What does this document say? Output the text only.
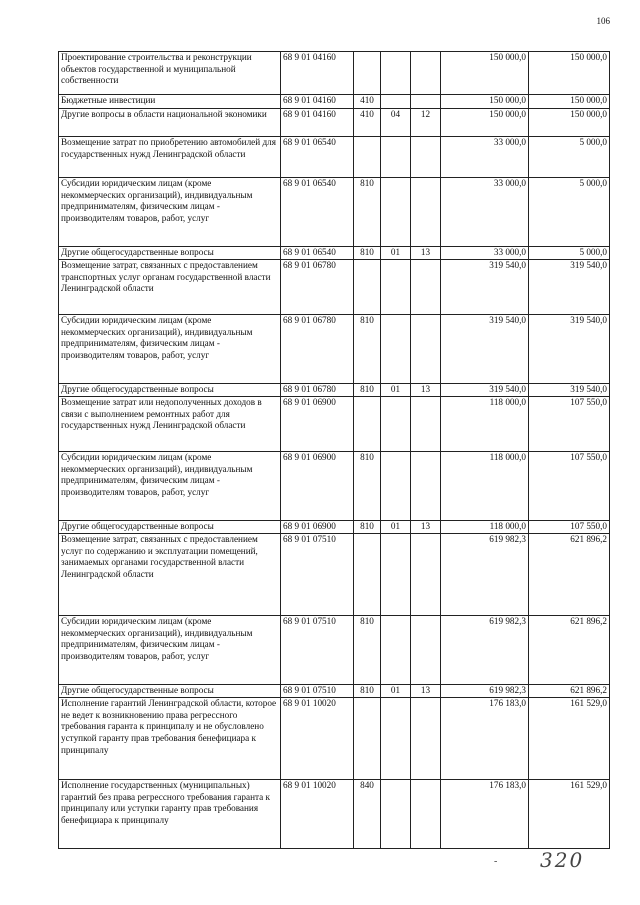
106
Проектирование строительства и реконструкции объектов государственной и муниципальной собственности	68 9 01 04160				150 000,0	150 000,0
Бюджетные инвестиции	68 9 01 04160	410			150 000,0	150 000,0
Другие вопросы в области национальной экономики	68 9 01 04160	410	04	12	150 000,0	150 000,0
Возмещение затрат по приобретению автомобилей для государственных нужд Ленинградской области	68 9 01 06540				33 000,0	5 000,0
Субсидии юридическим лицам (кроме некоммерческих организаций), индивидуальным предпринимателям, физическим лицам - производителям товаров, работ, услуг	68 9 01 06540	810			33 000,0	5 000,0
Другие общегосударственные вопросы	68 9 01 06540	810	01	13	33 000,0	5 000,0
Возмещение затрат, связанных с предоставлением транспортных услуг органам государственной власти Ленинградской области	68 9 01 06780				319 540,0	319 540,0
Субсидии юридическим лицам (кроме некоммерческих организаций), индивидуальным предпринимателям, физическим лицам - производителям товаров, работ, услуг	68 9 01 06780	810			319 540,0	319 540,0
Другие общегосударственные вопросы	68 9 01 06780	810	01	13	319 540,0	319 540,0
Возмещение затрат или недополученных доходов в связи с выполнением ремонтных работ для государственных нужд Ленинградской области	68 9 01 06900				118 000,0	107 550,0
Субсидии юридическим лицам (кроме некоммерческих организаций), индивидуальным предпринимателям, физическим лицам - производителям товаров, работ, услуг	68 9 01 06900	810			118 000,0	107 550,0
Другие общегосударственные вопросы	68 9 01 06900	810	01	13	118 000,0	107 550,0
Возмещение затрат, связанных с предоставлением услуг по содержанию и эксплуатации помещений, занимаемых органами государственной власти Ленинградской области	68 9 01 07510				619 982,3	621 896,2
Субсидии юридическим лицам (кроме некоммерческих организаций), индивидуальным предпринимателям, физическим лицам - производителям товаров, работ, услуг	68 9 01 07510	810			619 982,3	621 896,2
Другие общегосударственные вопросы	68 9 01 07510	810	01	13	619 982,3	621 896,2
Исполнение гарантий Ленинградской области, которое не ведет к возникновению права регрессного требования гаранта к принципалу и не обусловлено уступкой гаранту прав требования бенефициара к принципалу	68 9 01 10020				176 183,0	161 529,0
Исполнение государственных (муниципальных) гарантий без права регрессного требования гаранта к принципалу или уступки гаранту прав требования бенефициара к принципалу	68 9 01 10020	840			176 183,0	161 529,0
- 320
